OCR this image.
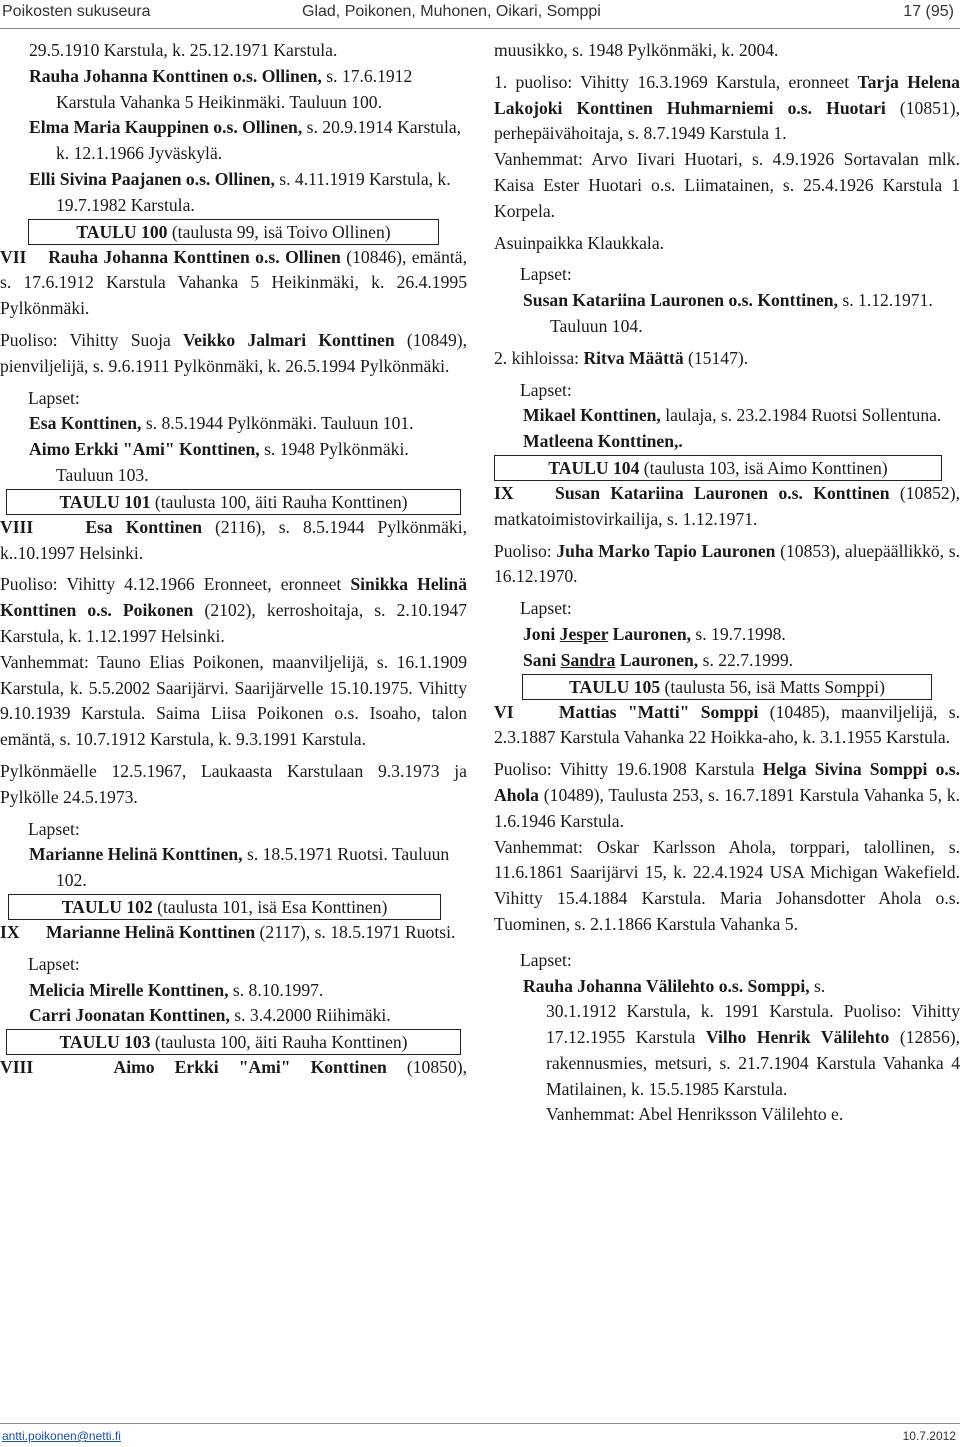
Poikosten sukuseura	Glad, Poikonen, Muhonen, Oikari, Somppi	17 (95)

29.5.1910 Karstula, k. 25.12.1971 Karstula.

Rauha Johanna Konttinen o.s. Ollinen, s. 17.6.1912 Karstula Vahanka 5 Heikinmäki. Tauluun 100.

Elma Maria Kauppinen o.s. Ollinen, s. 20.9.1914 Karstula, k. 12.1.1966 Jyväskylä.

Elli Sivina Paajanen o.s. Ollinen, s. 4.11.1919 Karstula, k. 19.7.1982 Karstula.

TAULU 100 (taulusta 99, isä Toivo Ollinen)

VII Rauha Johanna Konttinen o.s. Ollinen (10846), emäntä, s. 17.6.1912 Karstula Vahanka 5 Heikinmäki, k. 26.4.1995 Pylkönmäki.

Puoliso: Vihitty Suoja Veikko Jalmari Konttinen (10849), pienviljelijä, s. 9.6.1911 Pylkönmäki, k. 26.5.1994 Pylkönmäki.

Lapset:

Esa Konttinen, s. 8.5.1944 Pylkönmäki. Tauluun 101.

Aimo Erkki "Ami" Konttinen, s. 1948 Pylkönmäki. Tauluun 103.

TAULU 101 (taulusta 100, äiti Rauha Konttinen)

VIII	Esa Konttinen (2116), s. 8.5.1944 Pylkönmäki, k..10.1997 Helsinki.

Puoliso: Vihitty 4.12.1966 Eronneet, eronneet Sinikka Helinä Konttinen o.s. Poikonen (2102), kerroshoitaja, s. 2.10.1947 Karstula, k. 1.12.1997 Helsinki.

Vanhemmat: Tauno Elias Poikonen, maanviljelijä, s. 16.1.1909 Karstula, k. 5.5.2002 Saarijärvi. Saarijärvelle 15.10.1975. Vihitty 9.10.1939 Karstula. Saima Liisa Poikonen o.s. Isoaho, talon emäntä, s. 10.7.1912 Karstula, k. 9.3.1991 Karstula.

Pylkönmäelle 12.5.1967, Laukaasta Karstulaan 9.3.1973 ja Pylkölle 24.5.1973.

Lapset:

Marianne Helinä Konttinen, s. 18.5.1971 Ruotsi. Tauluun 102.

TAULU 102 (taulusta 101, isä Esa Konttinen)

IX Marianne Helinä Konttinen (2117), s. 18.5.1971 Ruotsi.

Lapset:

Melicia Mirelle Konttinen, s. 8.10.1997.

Carri Joonatan Konttinen, s. 3.4.2000 Riihimäki.

TAULU 103 (taulusta 100, äiti Rauha Konttinen)

VIII	Aimo Erkki "Ami" Konttinen (10850),

muusikko, s. 1948 Pylkönmäki, k. 2004.

1. puoliso: Vihitty 16.3.1969 Karstula, eronneet Tarja Helena Lakojoki Konttinen Huhmarniemi o.s. Huotari (10851), perhepäivähoitaja, s. 8.7.1949 Karstula 1.

Vanhemmat: Arvo Iivari Huotari, s. 4.9.1926 Sortavalan mlk. Kaisa Ester Huotari o.s. Liimatainen, s. 25.4.1926 Karstula 1 Korpela.

Asuinpaikka Klaukkala.

Lapset:

Susan Katariina Lauronen o.s. Konttinen, s. 1.12.1971. Tauluun 104.

2. kihloissa: Ritva Määttä (15147).

Lapset:

Mikael Konttinen, laulaja, s. 23.2.1984 Ruotsi Sollentuna.

Matleena Konttinen,.

TAULU 104 (taulusta 103, isä Aimo Konttinen)

IX Susan Katariina Lauronen o.s. Konttinen (10852), matkatoimistovirkailija, s. 1.12.1971.

Puoliso: Juha Marko Tapio Lauronen (10853), aluepäällikkö, s. 16.12.1970.

Lapset:

Joni Jesper Lauronen, s. 19.7.1998.

Sani Sandra Lauronen, s. 22.7.1999.

TAULU 105 (taulusta 56, isä Matts Somppi)

VI	Mattias "Matti" Somppi (10485), maanviljelijä, s. 2.3.1887 Karstula Vahanka 22 Hoikka-aho, k. 3.1.1955 Karstula.

Puoliso: Vihitty 19.6.1908 Karstula Helga Sivina Somppi o.s. Ahola (10489), Taulusta 253, s. 16.7.1891 Karstula Vahanka 5, k. 1.6.1946 Karstula.

Vanhemmat: Oskar Karlsson Ahola, torppari, talollinen, s. 11.6.1861 Saarijärvi 15, k. 22.4.1924 USA Michigan Wakefield. Vihitty 15.4.1884 Karstula. Maria Johansdotter Ahola o.s. Tuominen, s. 2.1.1866 Karstula Vahanka 5.

Lapset:

Rauha Johanna Välilehto o.s. Somppi, s.

30.1.1912 Karstula, k. 1991 Karstula. Puoliso: Vihitty 17.12.1955 Karstula Vilho Henrik Välilehto (12856), rakennusmies, metsuri, s. 21.7.1904 Karstula Vahanka 4 Matilainen, k. 15.5.1985 Karstula.

Vanhemmat: Abel Henriksson Välilehto e.

antti.poikonen@netti.fi	10.7.2012
